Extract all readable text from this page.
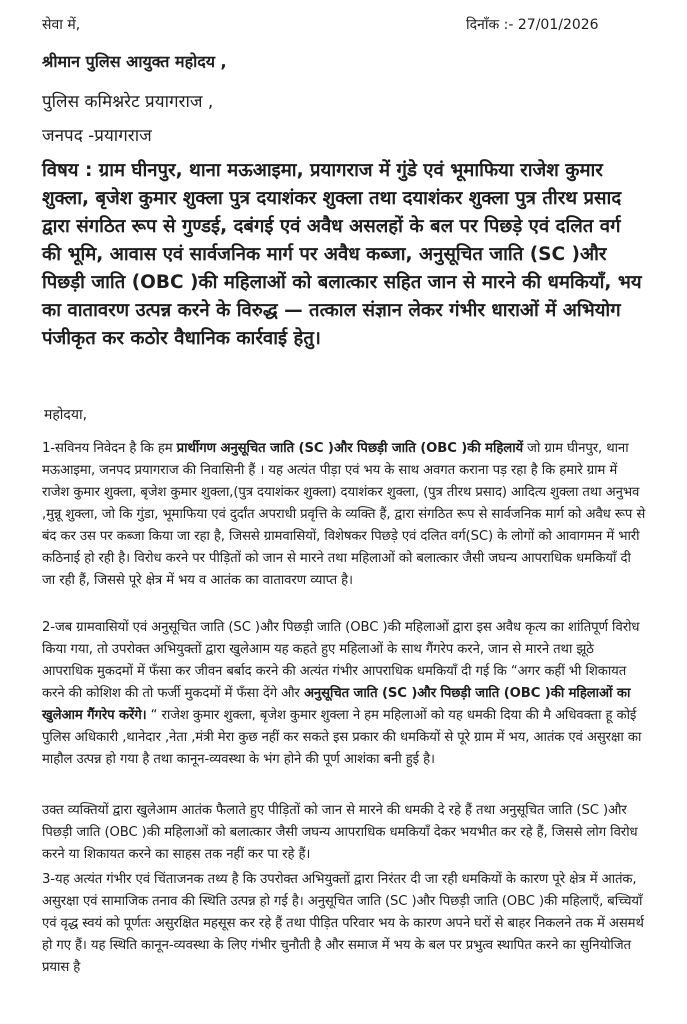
सेवा में,	दिनाँक :- 27/01/2026
श्रीमान पुलिस आयुक्त महोदय ,
पुलिस कमिश्नरेट प्रयागराज ,
जनपद -प्रयागराज
विषय : ग्राम घीनपुर, थाना मऊआइमा, प्रयागराज में गुंडे एवं भूमाफिया राजेश कुमार शुक्ला, बृजेश कुमार शुक्ला पुत्र दयाशंकर शुक्ला तथा दयाशंकर शुक्ला पुत्र तीरथ प्रसाद द्वारा संगठित रूप से गुण्डई, दबंगई एवं अवैध असलहों के बल पर पिछड़े एवं दलित वर्ग की भूमि, आवास एवं सार्वजनिक मार्ग पर अवैध कब्जा, अनुसूचित जाति (SC )और पिछड़ी जाति (OBC )की महिलाओं को बलात्कार सहित जान से मारने की धमकियाँ, भय का वातावरण उत्पन्न करने के विरुद्ध — तत्काल संज्ञान लेकर गंभीर धाराओं में अभियोग पंजीकृत कर कठोर वैधानिक कार्रवाई हेतु।
महोदया,
1-सविनय निवेदन है कि हम प्रार्थीगण अनुसूचित जाति (SC )और पिछड़ी जाति (OBC )की महिलायें जो ग्राम घीनपुर, थाना मऊआइमा, जनपद प्रयागराज की निवासिनी हैं । यह अत्यंत पीड़ा एवं भय के साथ अवगत कराना पड़ रहा है कि हमारे ग्राम में राजेश कुमार शुक्ला, बृजेश कुमार शुक्ला,(पुत्र दयाशंकर शुक्ला) दयाशंकर शुक्ला, (पुत्र तीरथ प्रसाद) आदित्य शुक्ला तथा अनुभव ,मुन्नू शुक्ला, जो कि गुंडा, भूमाफिया एवं दुर्दांत अपराधी प्रवृत्ति के व्यक्ति हैं, द्वारा संगठित रूप से सार्वजनिक मार्ग को अवैध रूप से बंद कर उस पर कब्जा किया जा रहा है, जिससे ग्रामवासियों, विशेषकर पिछड़े एवं दलित वर्ग(SC) के लोगों को आवागमन में भारी कठिनाई हो रही है। विरोध करने पर पीड़ितों को जान से मारने तथा महिलाओं को बलात्कार जैसी जघन्य आपराधिक धमकियाँ दी जा रही हैं, जिससे पूरे क्षेत्र में भय व आतंक का वातावरण व्याप्त है।
2-जब ग्रामवासियों एवं अनुसूचित जाति (SC )और पिछड़ी जाति (OBC )की महिलाओं द्वारा इस अवैध कृत्य का शांतिपूर्ण विरोध किया गया, तो उपरोक्त अभियुक्तों द्वारा खुलेआम यह कहते हुए महिलाओं के साथ गैंगरेप करने, जान से मारने तथा झूठे आपराधिक मुकदमों में फँसा कर जीवन बर्बाद करने की अत्यंत गंभीर आपराधिक धमकियाँ दी गई कि “अगर कहीं भी शिकायत करने की कोशिश की तो फर्जी मुकदमों में फँसा देंगे और अनुसूचित जाति (SC )और पिछड़ी जाति (OBC )की महिलाओं का खुलेआम गैंगरेप करेंगे। “ राजेश कुमार शुक्ला, बृजेश कुमार शुक्ला ने हम महिलाओं को यह धमकी दिया की मै अधिवक्ता हू कोई पुलिस अधिकारी ,थानेदार ,नेता ,मंत्री मेरा कुछ नहीं कर सकते इस प्रकार की धमकियों से पूरे ग्राम में भय, आतंक एवं असुरक्षा का माहौल उत्पन्न हो गया है तथा कानून-व्यवस्था के भंग होने की पूर्ण आशंका बनी हुई है।
उक्त व्यक्तियों द्वारा खुलेआम आतंक फैलाते हुए पीड़ितों को जान से मारने की धमकी दे रहे हैं तथा अनुसूचित जाति (SC )और पिछड़ी जाति (OBC )की महिलाओं को बलात्कार जैसी जघन्य आपराधिक धमकियाँ देकर भयभीत कर रहे हैं, जिससे लोग विरोध करने या शिकायत करने का साहस तक नहीं कर पा रहे हैं।
3-यह अत्यंत गंभीर एवं चिंताजनक तथ्य है कि उपरोक्त अभियुक्तों द्वारा निरंतर दी जा रही धमकियों के कारण पूरे क्षेत्र में आतंक, असुरक्षा एवं सामाजिक तनाव की स्थिति उत्पन्न हो गई है। अनुसूचित जाति (SC )और पिछड़ी जाति (OBC )की महिलाएँ, बच्चियाँ एवं वृद्ध स्वयं को पूर्णतः असुरक्षित महसूस कर रहे हैं तथा पीड़ित परिवार भय के कारण अपने घरों से बाहर निकलने तक में असमर्थ हो गए हैं। यह स्थिति कानून-व्यवस्था के लिए गंभीर चुनौती है और समाज में भय के बल पर प्रभुत्व स्थापित करने का सुनियोजित प्रयास है
